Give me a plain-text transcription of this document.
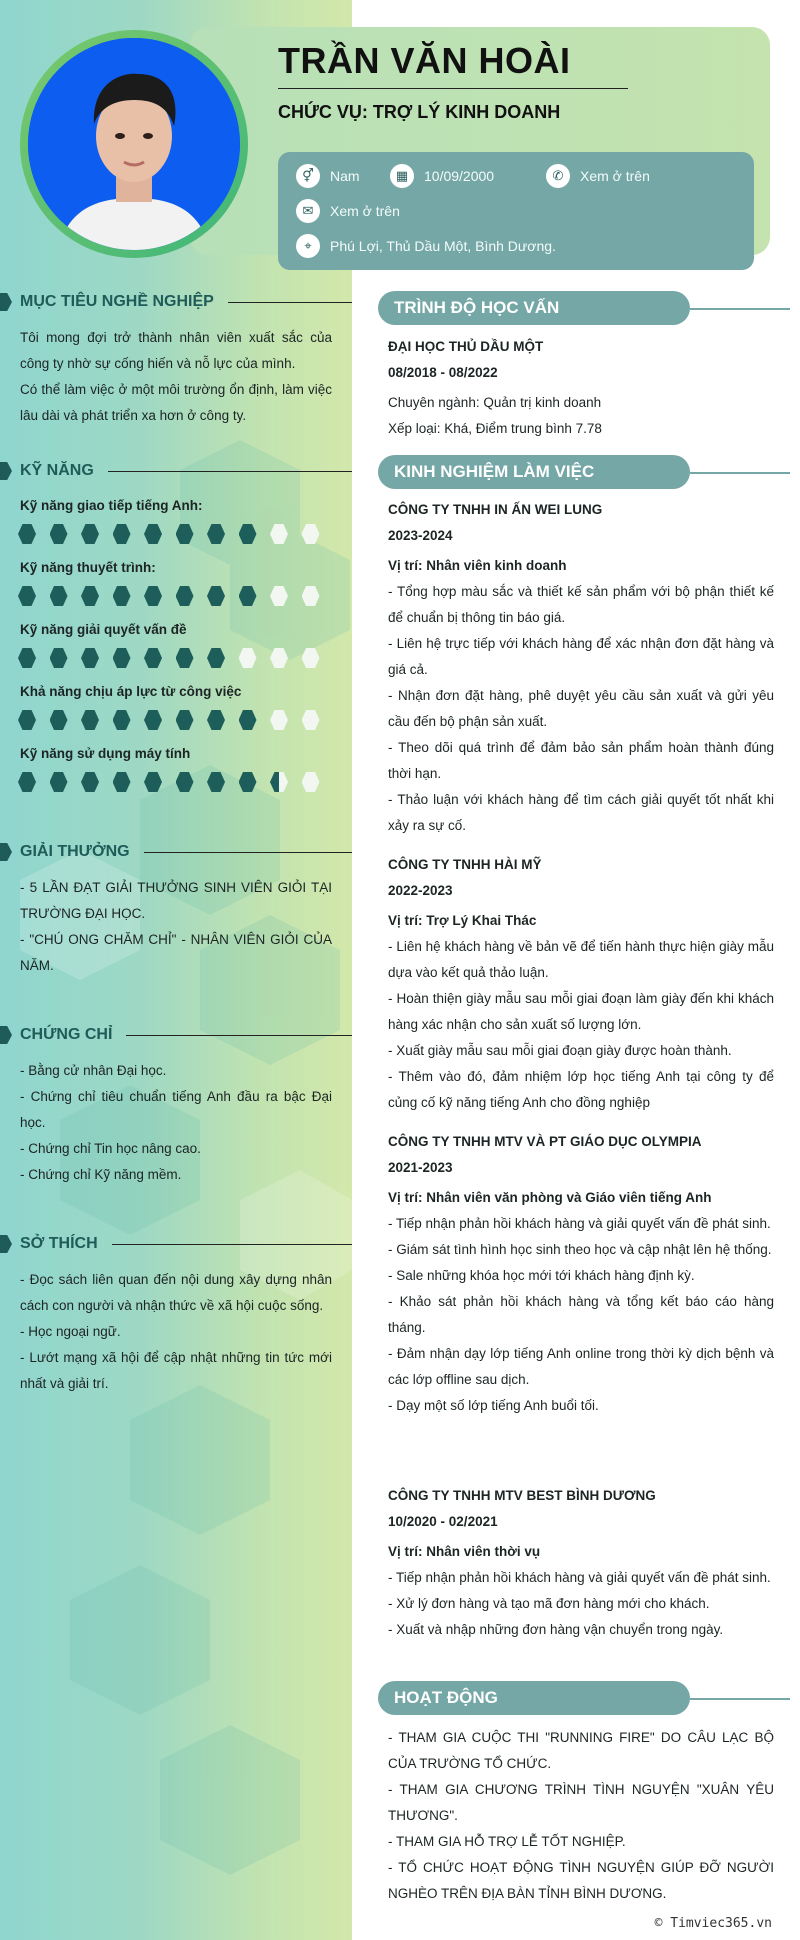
TRẦN VĂN HOÀI
CHỨC VỤ: TRỢ LÝ KINH DOANH
⚥	Nam	▦	10/09/2000	✆	Xem ở trên
✉	Xem ở trên
⌖	Phú Lợi, Thủ Dầu Một, Bình Dương.
MỤC TIÊU NGHỀ NGHIỆP

Tôi mong đợi trở thành nhân viên xuất sắc của công ty nhờ sự cống hiến và nỗ lực của mình.

Có thể làm việc ở một môi trường ổn định, làm việc lâu dài và phát triển xa hơn ở công ty.

KỸ NĂNG
Kỹ năng giao tiếp tiếng Anh:
Kỹ năng thuyết trình:
Kỹ năng giải quyết vấn đề
Khả năng chịu áp lực từ công việc
Kỹ năng sử dụng máy tính
GIẢI THƯỞNG

- 5 LẦN ĐẠT GIẢI THƯỞNG SINH VIÊN GIỎI TẠI TRƯỜNG ĐẠI HỌC.

- "CHÚ ONG CHĂM CHỈ" - NHÂN VIÊN GIỎI CỦA NĂM.

CHỨNG CHỈ

- Bằng cử nhân Đại học.

- Chứng chỉ tiêu chuẩn tiếng Anh đầu ra bậc Đại học.

- Chứng chỉ Tin học nâng cao.

- Chứng chỉ Kỹ năng mềm.

SỞ THÍCH

- Đọc sách liên quan đến nội dung xây dựng nhân cách con người và nhận thức về xã hội cuộc sống.

- Học ngoại ngữ.

- Lướt mạng xã hội để cập nhật những tin tức mới nhất và giải trí.

TRÌNH ĐỘ HỌC VẤN

ĐẠI HỌC THỦ DẦU MỘT

08/2018 - 08/2022

Chuyên ngành: Quản trị kinh doanh

Xếp loại: Khá, Điểm trung bình 7.78

KINH NGHIỆM LÀM VIỆC

CÔNG TY TNHH IN ẤN WEI LUNG

2023-2024

Vị trí: Nhân viên kinh doanh

- Tổng hợp màu sắc và thiết kế sản phẩm với bộ phận thiết kế để chuẩn bị thông tin báo giá.

- Liên hệ trực tiếp với khách hàng để xác nhận đơn đặt hàng và giá cả.

- Nhận đơn đặt hàng, phê duyệt yêu cầu sản xuất và gửi yêu cầu đến bộ phận sản xuất.

- Theo dõi quá trình để đảm bảo sản phẩm hoàn thành đúng thời hạn.

- Thảo luận với khách hàng để tìm cách giải quyết tốt nhất khi xảy ra sự cố.

CÔNG TY TNHH HÀI MỸ

2022-2023

Vị trí: Trợ Lý Khai Thác

- Liên hệ khách hàng về bản vẽ để tiến hành thực hiện giày mẫu dựa vào kết quả thảo luận.

- Hoàn thiện giày mẫu sau mỗi giai đoạn làm giày đến khi khách hàng xác nhận cho sản xuất số lượng lớn.

- Xuất giày mẫu sau mỗi giai đoạn giày được hoàn thành.

- Thêm vào đó, đảm nhiệm lớp học tiếng Anh tại công ty để củng cố kỹ năng tiếng Anh cho đồng nghiệp

CÔNG TY TNHH MTV VÀ PT GIÁO DỤC OLYMPIA

2021-2023

Vị trí: Nhân viên văn phòng và Giáo viên tiếng Anh

- Tiếp nhận phản hồi khách hàng và giải quyết vấn đề phát sinh.

- Giám sát tình hình học sinh theo học và cập nhật lên hệ thống.

- Sale những khóa học mới tới khách hàng định kỳ.

- Khảo sát phản hồi khách hàng và tổng kết báo cáo hàng tháng.

- Đảm nhận dạy lớp tiếng Anh online trong thời kỳ dịch bệnh và các lớp offline sau dịch.

- Dạy một số lớp tiếng Anh buổi tối.

CÔNG TY TNHH MTV BEST BÌNH DƯƠNG

10/2020 - 02/2021

Vị trí: Nhân viên thời vụ

- Tiếp nhận phản hồi khách hàng và giải quyết vấn đề phát sinh.

- Xử lý đơn hàng và tạo mã đơn hàng mới cho khách.

- Xuất và nhập những đơn hàng vận chuyển trong ngày.

HOẠT ĐỘNG

- THAM GIA CUỘC THI "RUNNING FIRE" DO CÂU LẠC BỘ CỦA TRƯỜNG TỔ CHỨC.

- THAM GIA CHƯƠNG TRÌNH TÌNH NGUYỆN "XUÂN YÊU THƯƠNG".

- THAM GIA HỖ TRỢ LỄ TỐT NGHIỆP.

- TỔ CHỨC HOẠT ĐỘNG TÌNH NGUYỆN GIÚP ĐỠ NGƯỜI NGHÈO TRÊN ĐỊA BÀN TỈNH BÌNH DƯƠNG.

© Timviec365.vn
